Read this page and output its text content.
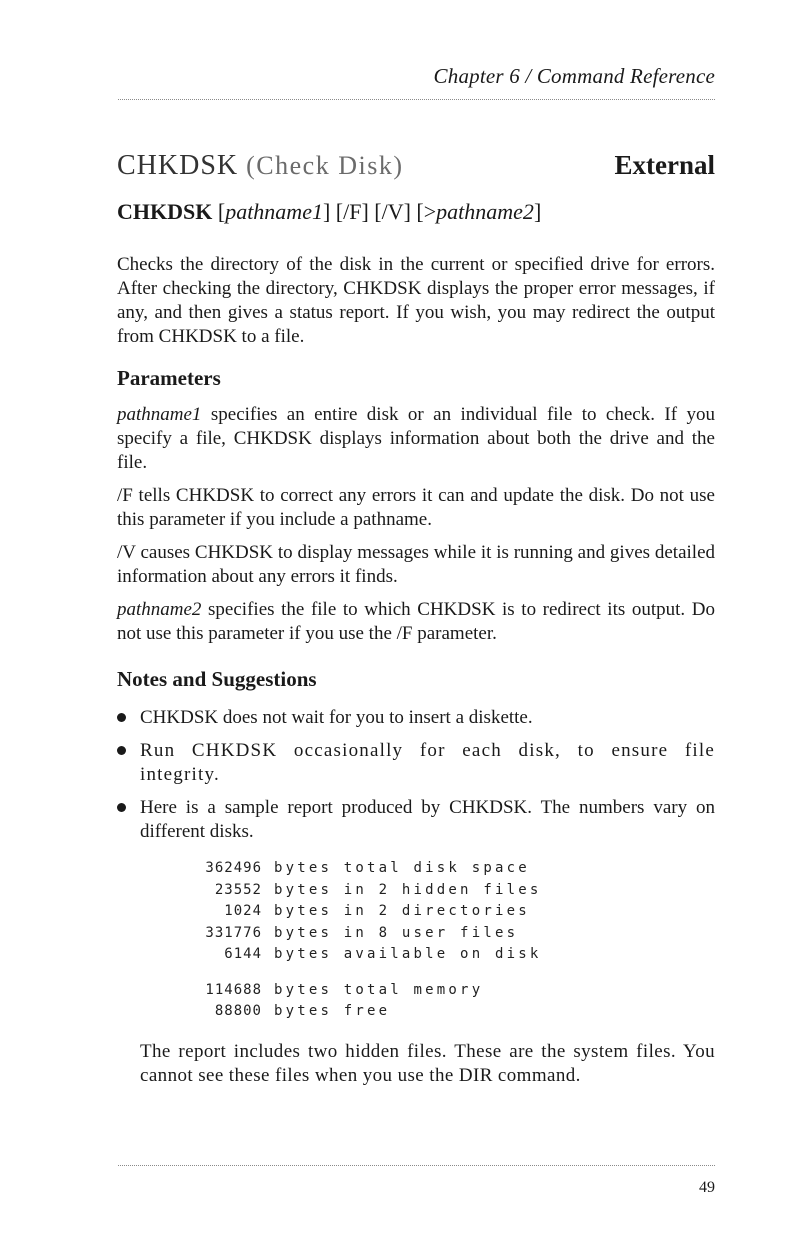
Chapter 6 / Command Reference
CHKDSK (Check Disk)	External
CHKDSK [pathname1] [/F] [/V] [>pathname2]
Checks the directory of the disk in the current or specified drive for errors. After checking the directory, CHKDSK displays the proper error messages, if any, and then gives a status report. If you wish, you may redirect the output from CHKDSK to a file.
Parameters
pathname1 specifies an entire disk or an individual file to check. If you specify a file, CHKDSK displays information about both the drive and the file.
/F tells CHKDSK to correct any errors it can and update the disk. Do not use this parameter if you include a pathname.
/V causes CHKDSK to display messages while it is running and gives detailed information about any errors it finds.
pathname2 specifies the file to which CHKDSK is to redirect its output. Do not use this parameter if you use the /F parameter.
Notes and Suggestions
CHKDSK does not wait for you to insert a diskette.
Run CHKDSK occasionally for each disk, to ensure file integrity.
Here is a sample report produced by CHKDSK. The numbers vary on different disks.
362496 bytes total disk space
23552 bytes in 2 hidden files
1024 bytes in 2 directories
331776 bytes in 8 user files
6144 bytes available on disk
114688 bytes total memory
88800 bytes free
The report includes two hidden files. These are the system files. You cannot see these files when you use the DIR command.
49
